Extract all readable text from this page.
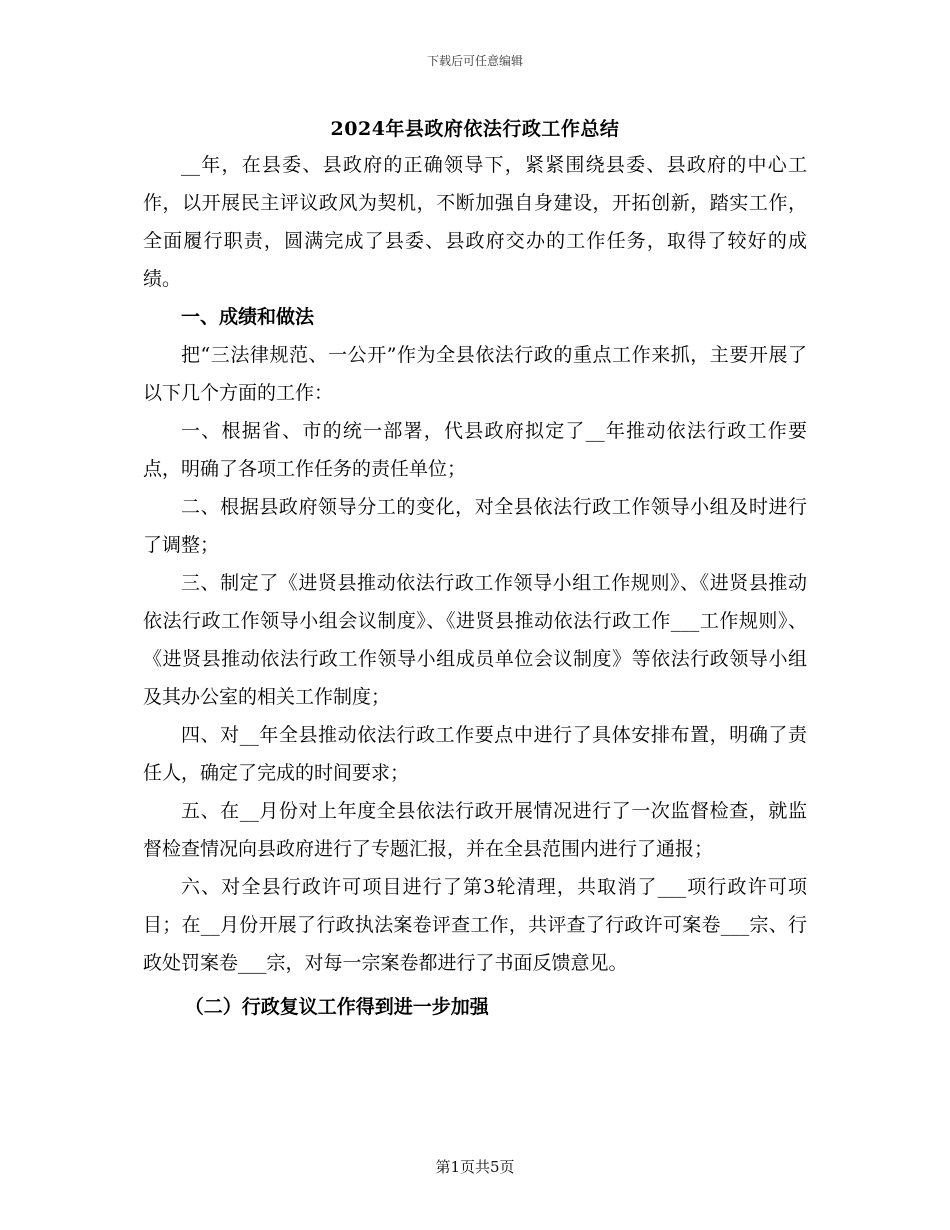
下载后可任意编辑
2024年县政府依法行政工作总结

__年，在县委、县政府的正确领导下，紧紧围绕县委、县政府的中心工作，以开展民主评议政风为契机，不断加强自身建设，开拓创新，踏实工作，全面履行职责，圆满完成了县委、县政府交办的工作任务，取得了较好的成绩。

一、成绩和做法

把“三法律规范、一公开”作为全县依法行政的重点工作来抓，主要开展了以下几个方面的工作：

一、根据省、市的统一部署，代县政府拟定了__年推动依法行政工作要点，明确了各项工作任务的责任单位；

二、根据县政府领导分工的变化，对全县依法行政工作领导小组及时进行了调整；

三、制定了《进贤县推动依法行政工作领导小组工作规则》、《进贤县推动依法行政工作领导小组会议制度》、《进贤县推动依法行政工作___工作规则》、《进贤县推动依法行政工作领导小组成员单位会议制度》等依法行政领导小组及其办公室的相关工作制度；

四、对__年全县推动依法行政工作要点中进行了具体安排布置，明确了责任人，确定了完成的时间要求；

五、在__月份对上年度全县依法行政开展情况进行了一次监督检查，就监督检查情况向县政府进行了专题汇报，并在全县范围内进行了通报；

六、对全县行政许可项目进行了第3轮清理，共取消了___项行政许可项目；在__月份开展了行政执法案卷评查工作，共评查了行政许可案卷___宗、行政处罚案卷___宗，对每一宗案卷都进行了书面反馈意见。

（二）行政复议工作得到进一步加强

第1页共5页
